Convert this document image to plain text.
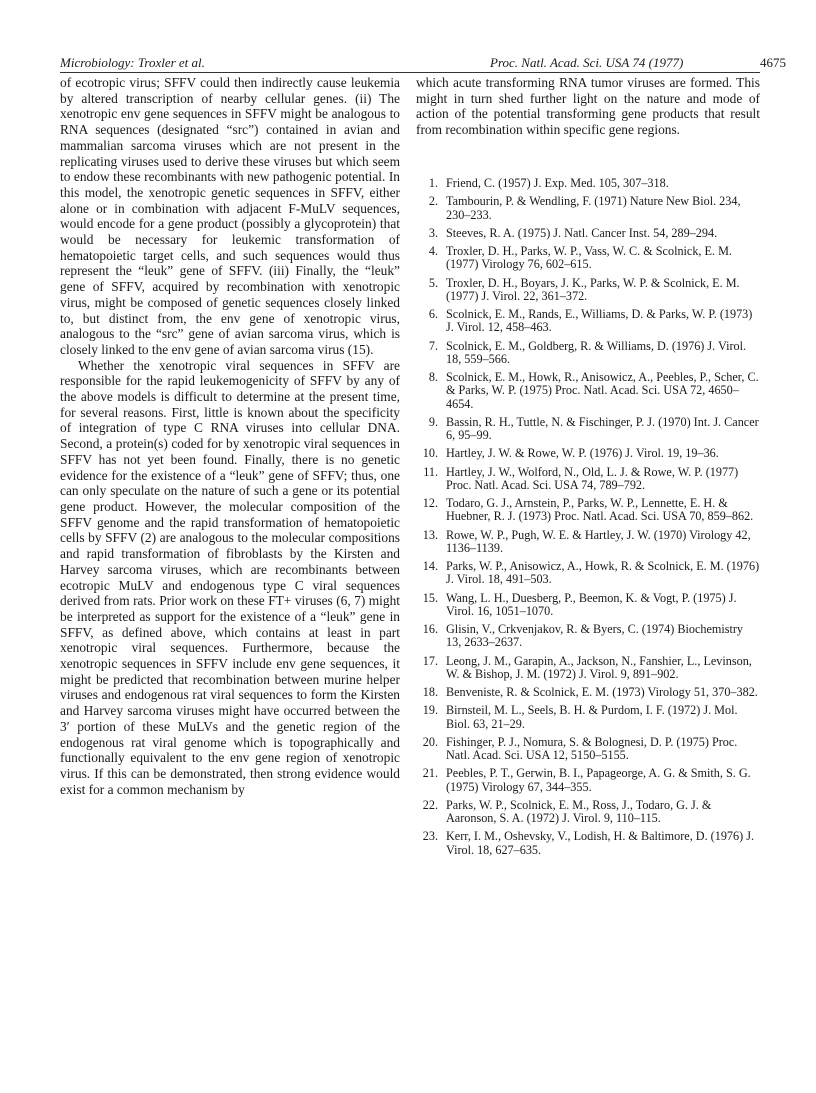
Microbiology: Troxler et al.	Proc. Natl. Acad. Sci. USA 74 (1977)	4675

of ecotropic virus; SFFV could then indirectly cause leukemia by altered transcription of nearby cellular genes. (ii) The xenotropic env gene sequences in SFFV might be analogous to RNA sequences (designated “src”) contained in avian and mammalian sarcoma viruses which are not present in the replicating viruses used to derive these viruses but which seem to endow these recombinants with new pathogenic potential. In this model, the xenotropic genetic sequences in SFFV, either alone or in combination with adjacent F-MuLV sequences, would encode for a gene product (possibly a glycoprotein) that would be necessary for leukemic transformation of hematopoietic target cells, and such sequences would thus represent the “leuk” gene of SFFV. (iii) Finally, the “leuk” gene of SFFV, acquired by recombination with xenotropic virus, might be composed of genetic sequences closely linked to, but distinct from, the env gene of xenotropic virus, analogous to the “src” gene of avian sarcoma virus, which is closely linked to the env gene of avian sarcoma virus (15).

Whether the xenotropic viral sequences in SFFV are responsible for the rapid leukemogenicity of SFFV by any of the above models is difficult to determine at the present time, for several reasons. First, little is known about the specificity of integration of type C RNA viruses into cellular DNA. Second, a protein(s) coded for by xenotropic viral sequences in SFFV has not yet been found. Finally, there is no genetic evidence for the existence of a “leuk” gene of SFFV; thus, one can only speculate on the nature of such a gene or its potential gene product. However, the molecular composition of the SFFV genome and the rapid transformation of hematopoietic cells by SFFV (2) are analogous to the molecular compositions and rapid transformation of fibroblasts by the Kirsten and Harvey sarcoma viruses, which are recombinants between ecotropic MuLV and endogenous type C viral sequences derived from rats. Prior work on these FT+ viruses (6, 7) might be interpreted as support for the existence of a “leuk” gene in SFFV, as defined above, which contains at least in part xenotropic viral sequences. Furthermore, because the xenotropic sequences in SFFV include env gene sequences, it might be predicted that recombination between murine helper viruses and endogenous rat viral sequences to form the Kirsten and Harvey sarcoma viruses might have occurred between the 3′ portion of these MuLVs and the genetic region of the endogenous rat viral genome which is topographically and functionally equivalent to the env gene region of xenotropic virus. If this can be demonstrated, then strong evidence would exist for a common mechanism by

which acute transforming RNA tumor viruses are formed. This might in turn shed further light on the nature and mode of action of the potential transforming gene products that result from recombination within specific gene regions.

1. Friend, C. (1957) J. Exp. Med. 105, 307–318.
2. Tambourin, P. & Wendling, F. (1971) Nature New Biol. 234, 230–233.
3. Steeves, R. A. (1975) J. Natl. Cancer Inst. 54, 289–294.
4. Troxler, D. H., Parks, W. P., Vass, W. C. & Scolnick, E. M. (1977) Virology 76, 602–615.
5. Troxler, D. H., Boyars, J. K., Parks, W. P. & Scolnick, E. M. (1977) J. Virol. 22, 361–372.
6. Scolnick, E. M., Rands, E., Williams, D. & Parks, W. P. (1973) J. Virol. 12, 458–463.
7. Scolnick, E. M., Goldberg, R. & Williams, D. (1976) J. Virol. 18, 559–566.
8. Scolnick, E. M., Howk, R., Anisowicz, A., Peebles, P., Scher, C. & Parks, W. P. (1975) Proc. Natl. Acad. Sci. USA 72, 4650–4654.
9. Bassin, R. H., Tuttle, N. & Fischinger, P. J. (1970) Int. J. Cancer 6, 95–99.
10. Hartley, J. W. & Rowe, W. P. (1976) J. Virol. 19, 19–36.
11. Hartley, J. W., Wolford, N., Old, L. J. & Rowe, W. P. (1977) Proc. Natl. Acad. Sci. USA 74, 789–792.
12. Todaro, G. J., Arnstein, P., Parks, W. P., Lennette, E. H. & Huebner, R. J. (1973) Proc. Natl. Acad. Sci. USA 70, 859–862.
13. Rowe, W. P., Pugh, W. E. & Hartley, J. W. (1970) Virology 42, 1136–1139.
14. Parks, W. P., Anisowicz, A., Howk, R. & Scolnick, E. M. (1976) J. Virol. 18, 491–503.
15. Wang, L. H., Duesberg, P., Beemon, K. & Vogt, P. (1975) J. Virol. 16, 1051–1070.
16. Glisin, V., Crkvenjakov, R. & Byers, C. (1974) Biochemistry 13, 2633–2637.
17. Leong, J. M., Garapin, A., Jackson, N., Fanshier, L., Levinson, W. & Bishop, J. M. (1972) J. Virol. 9, 891–902.
18. Benveniste, R. & Scolnick, E. M. (1973) Virology 51, 370–382.
19. Birnsteil, M. L., Seels, B. H. & Purdom, I. F. (1972) J. Mol. Biol. 63, 21–29.
20. Fishinger, P. J., Nomura, S. & Bolognesi, D. P. (1975) Proc. Natl. Acad. Sci. USA 12, 5150–5155.
21. Peebles, P. T., Gerwin, B. I., Papageorge, A. G. & Smith, S. G. (1975) Virology 67, 344–355.
22. Parks, W. P., Scolnick, E. M., Ross, J., Todaro, G. J. & Aaronson, S. A. (1972) J. Virol. 9, 110–115.
23. Kerr, I. M., Oshevsky, V., Lodish, H. & Baltimore, D. (1976) J. Virol. 18, 627–635.
